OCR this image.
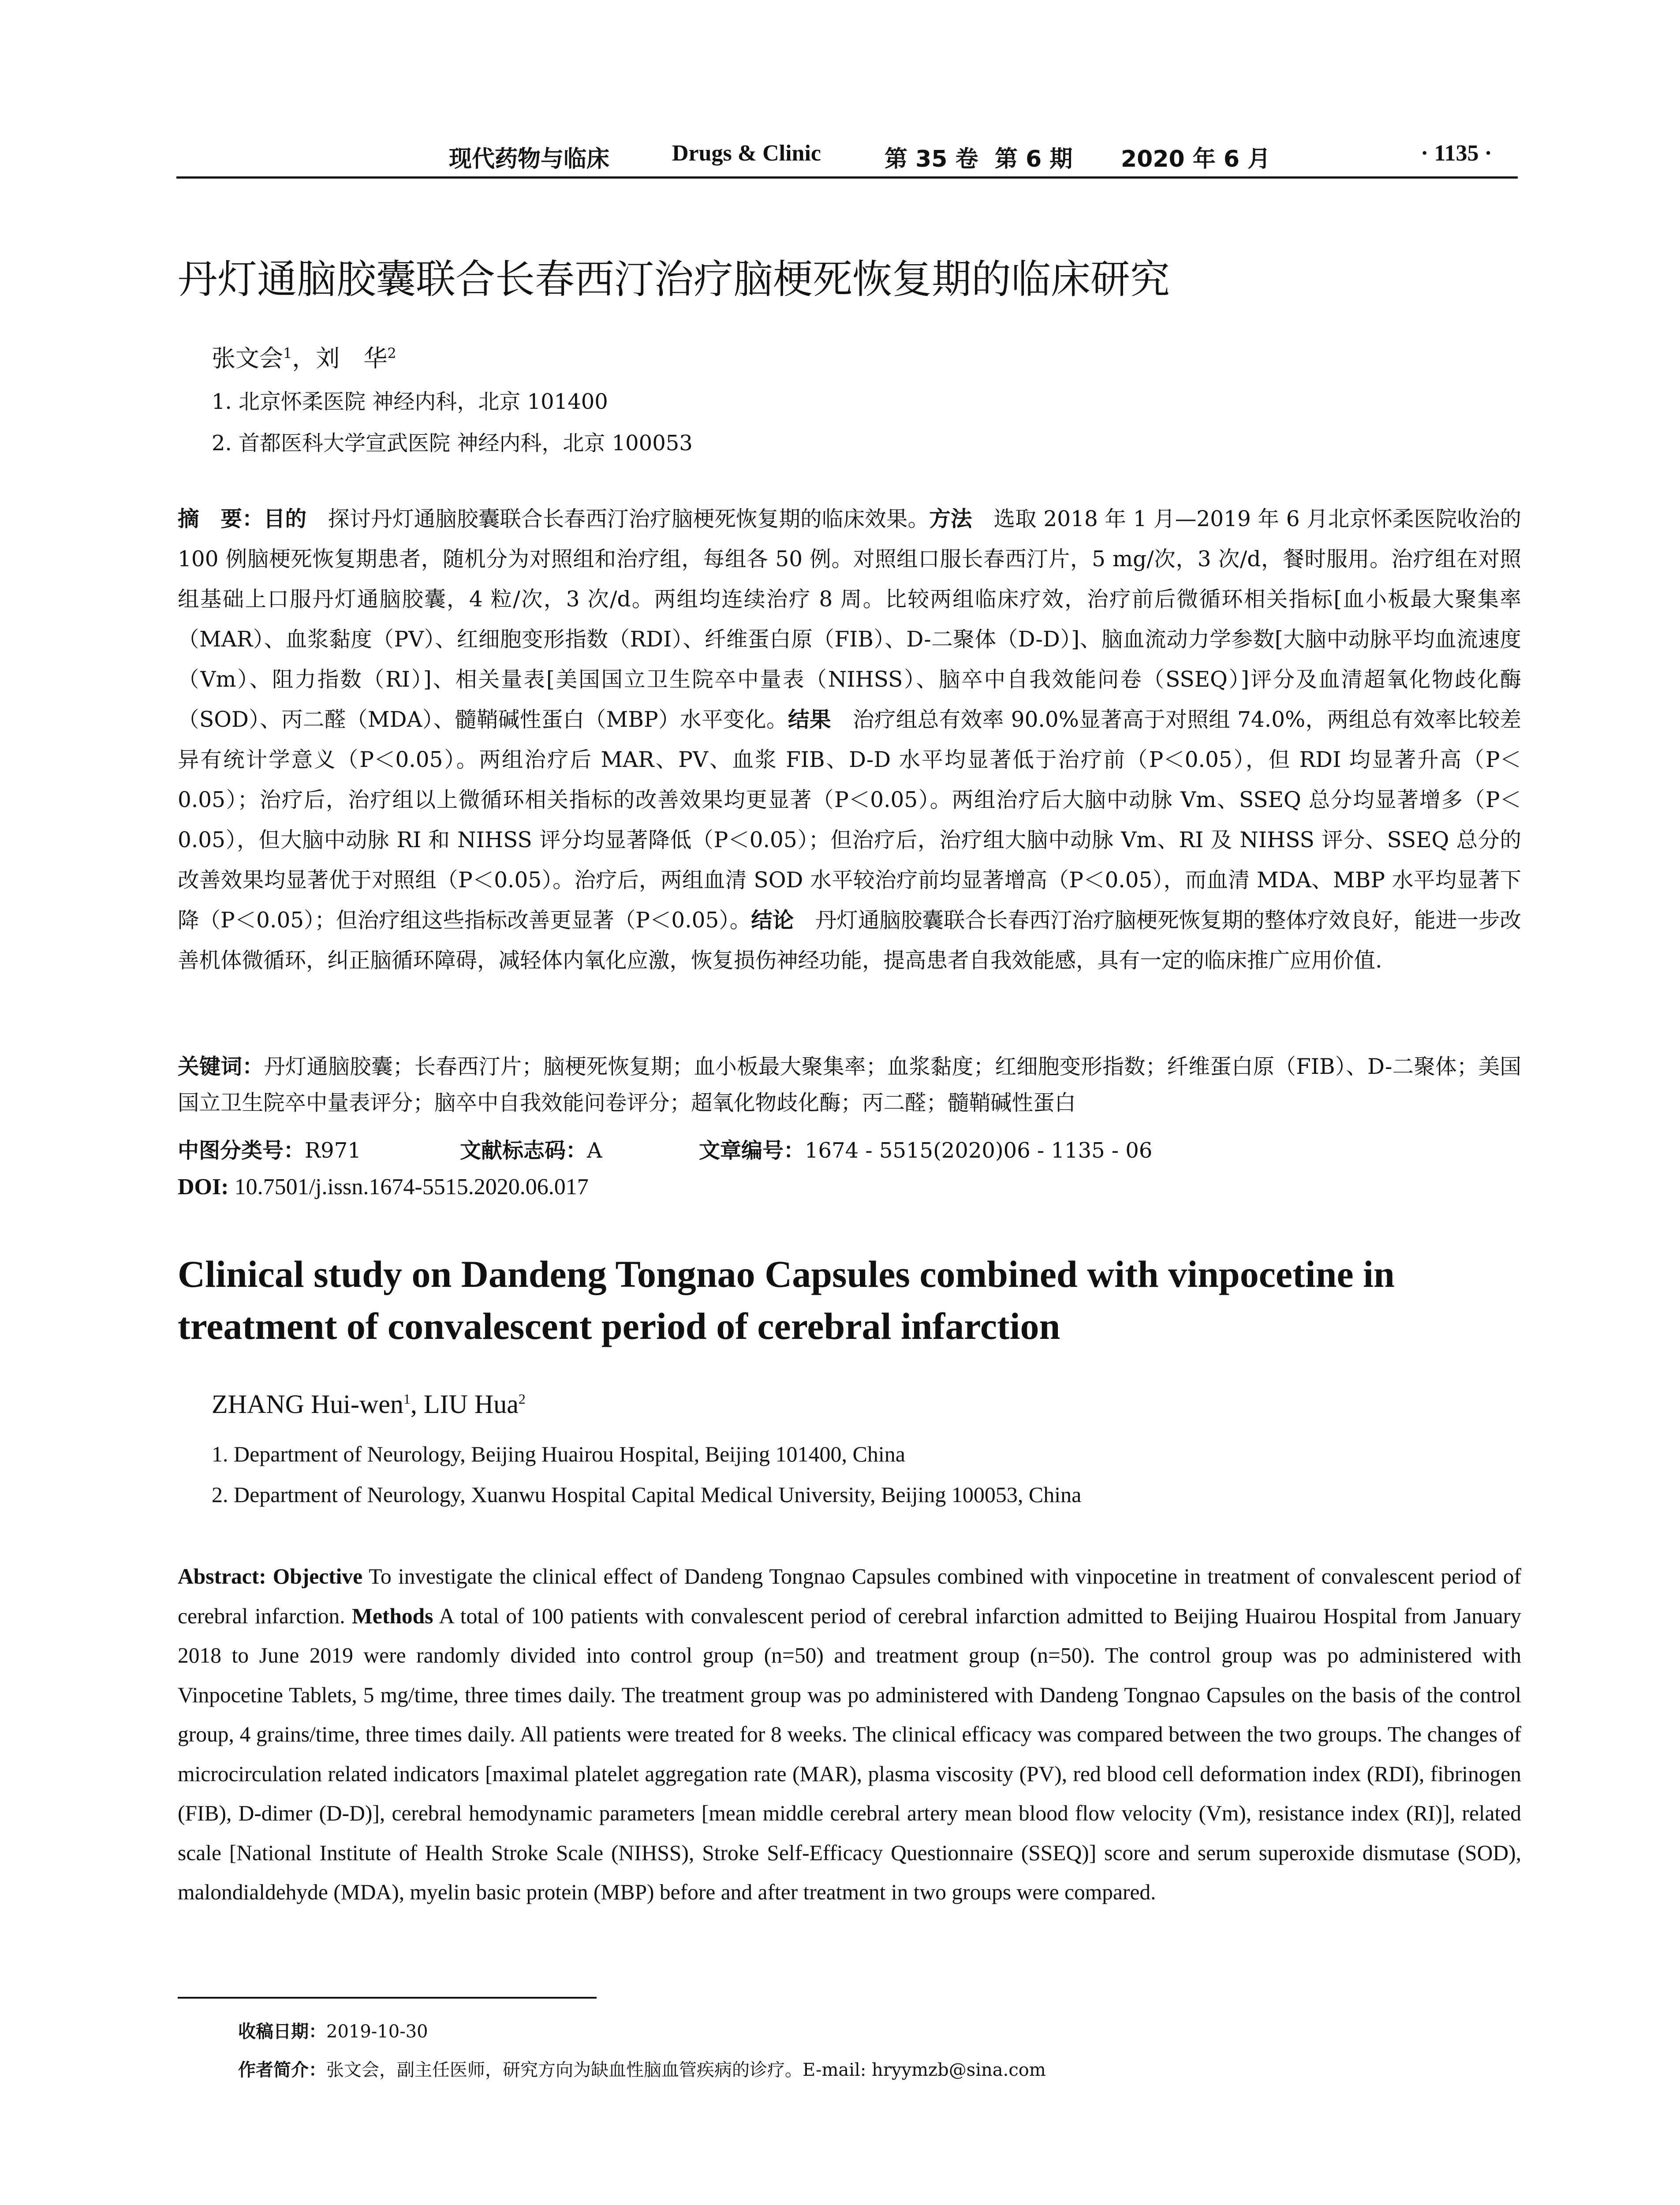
现代药物与临床	Drugs & Clinic	第 35 卷 第 6 期 2020 年 6 月	· 1135 ·
丹灯通脑胶囊联合长春西汀治疗脑梗死恢复期的临床研究
张文会$^1$，刘　华$^2$
1. 北京怀柔医院 神经内科，北京 101400
2. 首都医科大学宣武医院 神经内科，北京 100053
摘　要：目的　探讨丹灯通脑胶囊联合长春西汀治疗脑梗死恢复期的临床效果。方法　选取 2018 年 1 月—2019 年 6 月北京怀柔医院收治的 100 例脑梗死恢复期患者，随机分为对照组和治疗组，每组各 50 例。对照组口服长春西汀片，5 mg/次，3 次/d，餐时服用。治疗组在对照组基础上口服丹灯通脑胶囊，4 粒/次，3 次/d。两组均连续治疗 8 周。比较两组临床疗效，治疗前后微循环相关指标[血小板最大聚集率（MAR）、血浆黏度（PV）、红细胞变形指数（RDI）、纤维蛋白原（FIB）、D-二聚体（D-D）]、脑血流动力学参数[大脑中动脉平均血流速度（Vm）、阻力指数（RI）]、相关量表[美国国立卫生院卒中量表（NIHSS）、脑卒中自我效能问卷（SSEQ）]评分及血清超氧化物歧化酶（SOD）、丙二醛（MDA）、髓鞘碱性蛋白（MBP）水平变化。结果　治疗组总有效率 90.0%显著高于对照组 74.0%，两组总有效率比较差异有统计学意义（P＜0.05）。两组治疗后 MAR、PV、血浆 FIB、D-D 水平均显著低于治疗前（P＜0.05），但 RDI 均显著升高（P＜0.05）；治疗后，治疗组以上微循环相关指标的改善效果均更显著（P＜0.05）。两组治疗后大脑中动脉 Vm、SSEQ 总分均显著增多（P＜0.05），但大脑中动脉 RI 和 NIHSS 评分均显著降低（P＜0.05）；但治疗后，治疗组大脑中动脉 Vm、RI 及 NIHSS 评分、SSEQ 总分的改善效果均显著优于对照组（P＜0.05）。治疗后，两组血清 SOD 水平较治疗前均显著增高（P＜0.05），而血清 MDA、MBP 水平均显著下降（P＜0.05）；但治疗组这些指标改善更显著（P＜0.05）。结论　丹灯通脑胶囊联合长春西汀治疗脑梗死恢复期的整体疗效良好，能进一步改善机体微循环，纠正脑循环障碍，减轻体内氧化应激，恢复损伤神经功能，提高患者自我效能感，具有一定的临床推广应用价值.
关键词：丹灯通脑胶囊；长春西汀片；脑梗死恢复期；血小板最大聚集率；血浆黏度；红细胞变形指数；纤维蛋白原（FIB）、D-二聚体；美国国立卫生院卒中量表评分；脑卒中自我效能问卷评分；超氧化物歧化酶；丙二醛；髓鞘碱性蛋白
中图分类号：R971	文献标志码：A	文章编号：1674 - 5515(2020)06 - 1135 - 06
DOI: 10.7501/j.issn.1674-5515.2020.06.017
Clinical study on Dandeng Tongnao Capsules combined with vinpocetine in treatment of convalescent period of cerebral infarction
ZHANG Hui-wen$^1$, LIU Hua$^2$
1. Department of Neurology, Beijing Huairou Hospital, Beijing 101400, China
2. Department of Neurology, Xuanwu Hospital Capital Medical University, Beijing 100053, China
Abstract: Objective To investigate the clinical effect of Dandeng Tongnao Capsules combined with vinpocetine in treatment of convalescent period of cerebral infarction. Methods A total of 100 patients with convalescent period of cerebral infarction admitted to Beijing Huairou Hospital from January 2018 to June 2019 were randomly divided into control group (n=50) and treatment group (n=50). The control group was po administered with Vinpocetine Tablets, 5 mg/time, three times daily. The treatment group was po administered with Dandeng Tongnao Capsules on the basis of the control group, 4 grains/time, three times daily. All patients were treated for 8 weeks. The clinical efficacy was compared between the two groups. The changes of microcirculation related indicators [maximal platelet aggregation rate (MAR), plasma viscosity (PV), red blood cell deformation index (RDI), fibrinogen (FIB), D-dimer (D-D)], cerebral hemodynamic parameters [mean middle cerebral artery mean blood flow velocity (Vm), resistance index (RI)], related scale [National Institute of Health Stroke Scale (NIHSS), Stroke Self-Efficacy Questionnaire (SSEQ)] score and serum superoxide dismutase (SOD), malondialdehyde (MDA), myelin basic protein (MBP) before and after treatment in two groups were compared.
收稿日期：2019-10-30
作者简介：张文会，副主任医师，研究方向为缺血性脑血管疾病的诊疗。E-mail: hryymzb@sina.com
